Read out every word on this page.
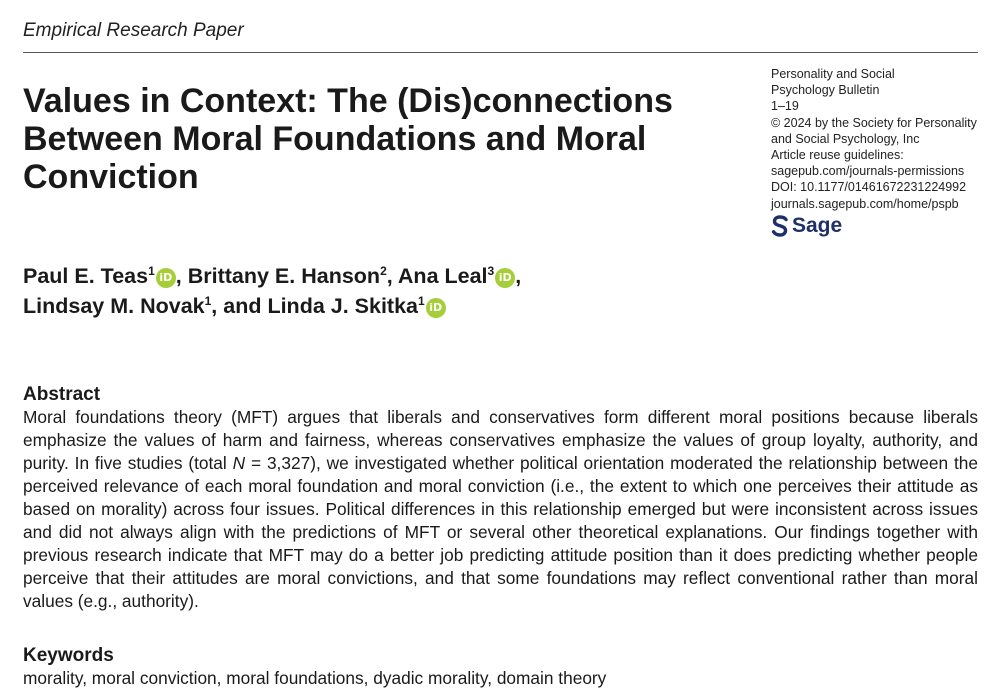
Empirical Research Paper
Values in Context: The (Dis)connections Between Moral Foundations and Moral Conviction
Personality and Social
Psychology Bulletin
1–19
© 2024 by the Society for Personality
and Social Psychology, Inc
Article reuse guidelines:
sagepub.com/journals-permissions
DOI: 10.1177/01461672231224992
journals.sagepub.com/home/pspb
Sage
Paul E. Teas$^1$ iD , Brittany E. Hanson$^2$, Ana Leal$^3$ iD ,
Lindsay M. Novak$^1$, and Linda J. Skitka$^1$ iD
Abstract

Moral foundations theory (MFT) argues that liberals and conservatives form different moral positions because liberals emphasize the values of harm and fairness, whereas conservatives emphasize the values of group loyalty, authority, and purity. In five studies (total N = 3,327), we investigated whether political orientation moderated the relationship between the perceived relevance of each moral foundation and moral conviction (i.e., the extent to which one perceives their attitude as based on morality) across four issues. Political differences in this relationship emerged but were inconsistent across issues and did not always align with the predictions of MFT or several other theoretical explanations. Our findings together with previous research indicate that MFT may do a better job predicting attitude position than it does predicting whether people perceive that their attitudes are moral convictions, and that some foundations may reflect conventional rather than moral values (e.g., authority).

Keywords
morality, moral conviction, moral foundations, dyadic morality, domain theory
